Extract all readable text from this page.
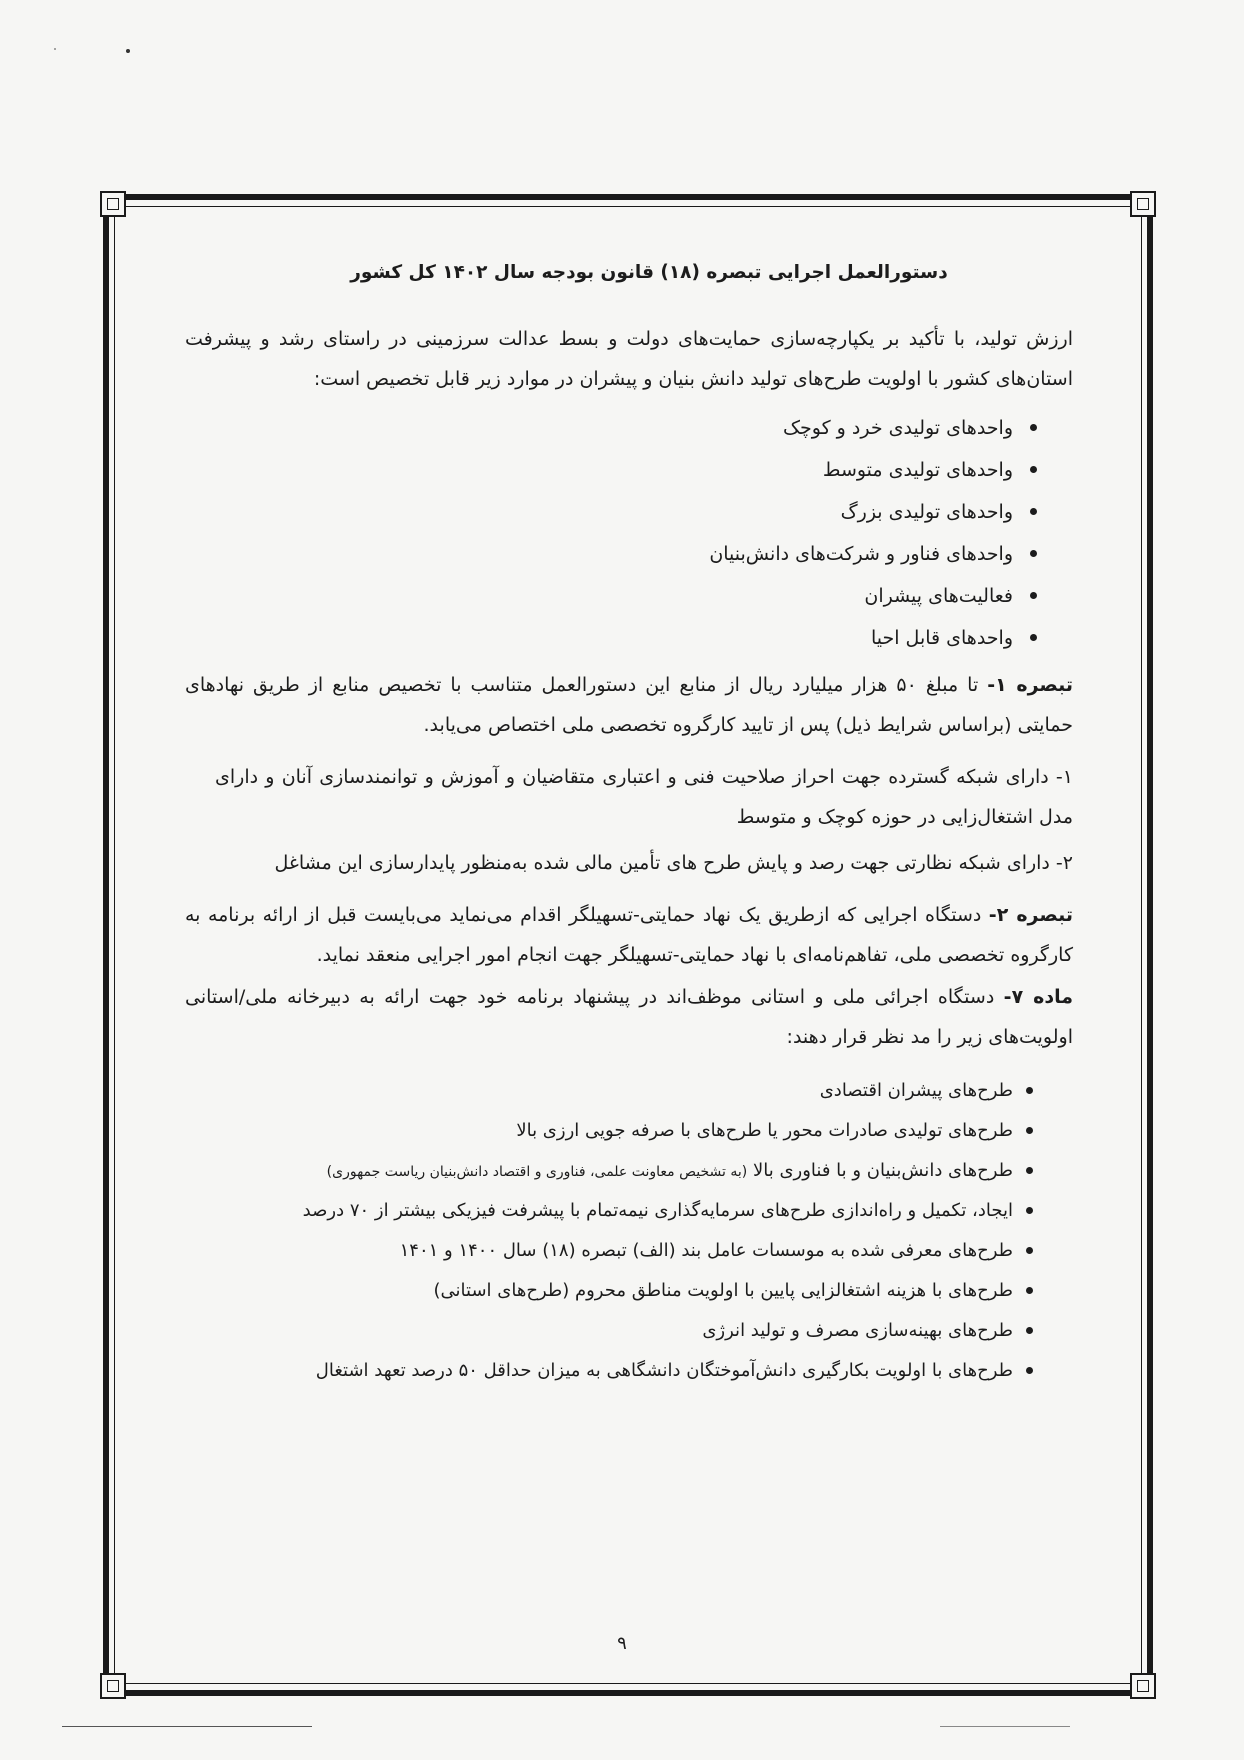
دستورالعمل اجرایی تبصره (۱۸) قانون بودجه سال ۱۴۰۲ کل کشور

ارزش تولید، با تأکید بر یکپارچه‌سازی حمایت‌های دولت و بسط عدالت سرزمینی در راستای رشد و پیشرفت استان‌های کشور با اولویت طرح‌های تولید دانش بنیان و پیشران در موارد زیر قابل تخصیص است:

واحدهای تولیدی خرد و کوچک
واحدهای تولیدی متوسط
واحدهای تولیدی بزرگ
واحدهای فناور و شرکت‌های دانش‌بنیان
فعالیت‌های پیشران
واحدهای قابل احیا

تبصره ۱- تا مبلغ ۵۰ هزار میلیارد ریال از منابع این دستورالعمل متناسب با تخصیص منابع از طریق نهادهای حمایتی (براساس شرایط ذیل) پس از تایید کارگروه تخصصی ملی اختصاص می‌یابد.

۱- دارای شبکه گسترده جهت احراز صلاحیت فنی و اعتباری متقاضیان و آموزش و توانمندسازی آنان و دارای مدل اشتغال‌زایی در حوزه کوچک و متوسط

۲- دارای شبکه نظارتی جهت رصد و پایش طرح های تأمین مالی شده به‌منظور پایدارسازی این مشاغل

تبصره ۲- دستگاه اجرایی که ازطریق یک نهاد حمایتی-تسهیلگر اقدام می‌نماید می‌بایست قبل از ارائه برنامه به کارگروه تخصصی ملی، تفاهم‌نامه‌ای با نهاد حمایتی-تسهیلگر جهت انجام امور اجرایی منعقد نماید.

ماده ۷- دستگاه اجرائی ملی و استانی موظف‌اند در پیشنهاد برنامه خود جهت ارائه به دبیرخانه ملی/استانی اولویت‌های زیر را مد نظر قرار دهند:

طرح‌های پیشران اقتصادی
طرح‌های تولیدی صادرات محور یا طرح‌های با صرفه جویی ارزی بالا
طرح‌های دانش‌بنیان و با فناوری بالا (به تشخیص معاونت علمی، فناوری و اقتصاد دانش‌بنیان ریاست جمهوری)
ایجاد، تکمیل و راه‌اندازی طرح‌های سرمایه‌گذاری نیمه‌تمام با پیشرفت فیزیکی بیشتر از ۷۰ درصد
طرح‌های معرفی شده به موسسات عامل بند (الف) تبصره (۱۸) سال ۱۴۰۰ و ۱۴۰۱
طرح‌های با هزینه اشتغالزایی پایین با اولویت مناطق محروم (طرح‌های استانی)
طرح‌های بهینه‌سازی مصرف و تولید انرژی
طرح‌های با اولویت بکارگیری دانش‌آموختگان دانشگاهی به میزان حداقل ۵۰ درصد تعهد اشتغال
۹
